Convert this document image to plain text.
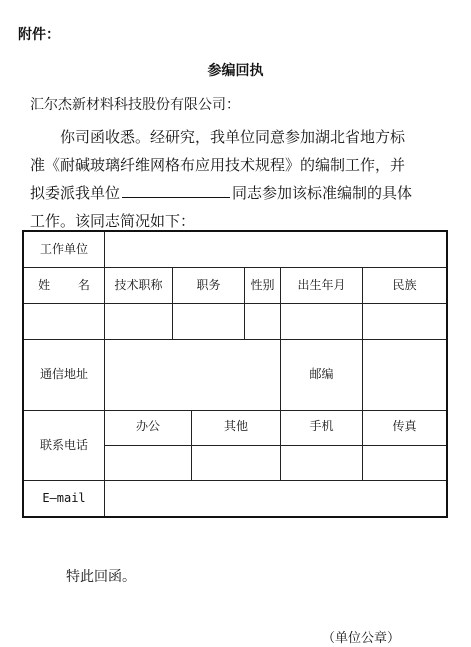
附件：
参编回执
汇尔杰新材料科技股份有限公司：
你司函收悉。经研究，我单位同意参加湖北省地方标
准《耐碱玻璃纤维网格布应用技术规程》的编制工作，并
拟委派我单位	同志参加该标准编制的具体
工作。该同志简况如下：
工作单位
姓 名	技术职称	职务	性别	出生年月	民族
通信地址	邮编
联系电话
办公	其他	手机	传真
E—mail
特此回函。
（单位公章）
